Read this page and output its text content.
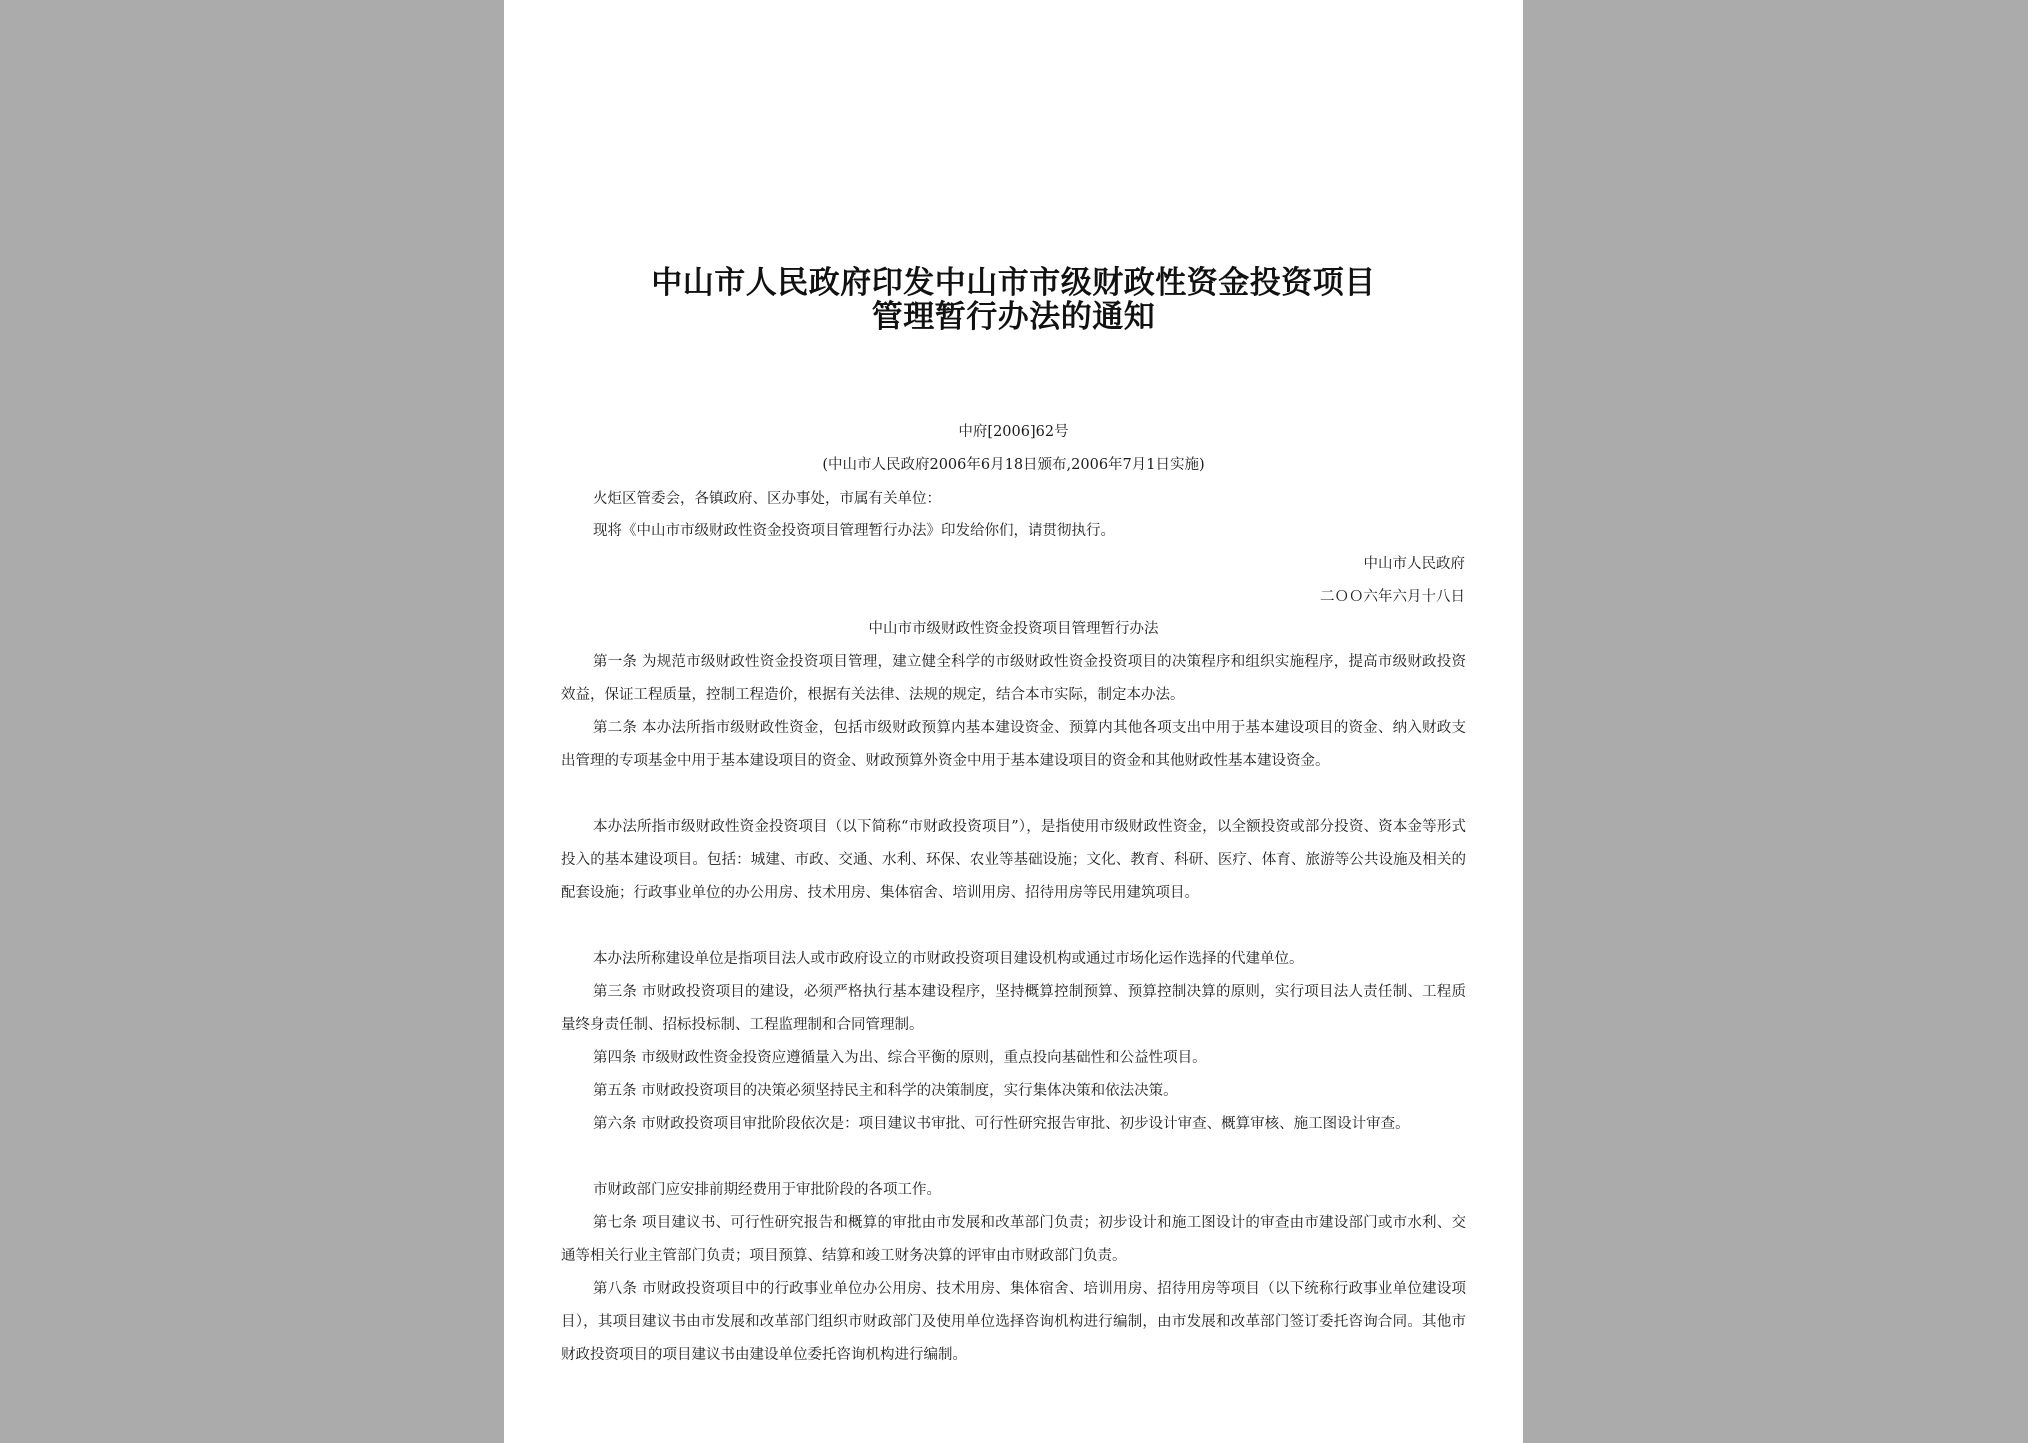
中山市人民政府印发中山市市级财政性资金投资项目
管理暂行办法的通知
中府[2006]62号
(中山市人民政府2006年6月18日颁布,2006年7月1日实施)

火炬区管委会，各镇政府、区办事处，市属有关单位：

现将《中山市市级财政性资金投资项目管理暂行办法》印发给你们，请贯彻执行。

中山市人民政府
二ＯＯ六年六月十八日
中山市市级财政性资金投资项目管理暂行办法

第一条 为规范市级财政性资金投资项目管理，建立健全科学的市级财政性资金投资项目的决策程序和组织实施程序，提高市级财政投资效益，保证工程质量，控制工程造价，根据有关法律、法规的规定，结合本市实际，制定本办法。

第二条 本办法所指市级财政性资金，包括市级财政预算内基本建设资金、预算内其他各项支出中用于基本建设项目的资金、纳入财政支出管理的专项基金中用于基本建设项目的资金、财政预算外资金中用于基本建设项目的资金和其他财政性基本建设资金。

本办法所指市级财政性资金投资项目（以下简称“市财政投资项目”），是指使用市级财政性资金，以全额投资或部分投资、资本金等形式投入的基本建设项目。包括：城建、市政、交通、水利、环保、农业等基础设施；文化、教育、科研、医疗、体育、旅游等公共设施及相关的配套设施；行政事业单位的办公用房、技术用房、集体宿舍、培训用房、招待用房等民用建筑项目。

本办法所称建设单位是指项目法人或市政府设立的市财政投资项目建设机构或通过市场化运作选择的代建单位。

第三条 市财政投资项目的建设，必须严格执行基本建设程序，坚持概算控制预算、预算控制决算的原则，实行项目法人责任制、工程质量终身责任制、招标投标制、工程监理制和合同管理制。

第四条 市级财政性资金投资应遵循量入为出、综合平衡的原则，重点投向基础性和公益性项目。

第五条 市财政投资项目的决策必须坚持民主和科学的决策制度，实行集体决策和依法决策。

第六条 市财政投资项目审批阶段依次是：项目建议书审批、可行性研究报告审批、初步设计审查、概算审核、施工图设计审查。

市财政部门应安排前期经费用于审批阶段的各项工作。

第七条 项目建议书、可行性研究报告和概算的审批由市发展和改革部门负责；初步设计和施工图设计的审查由市建设部门或市水利、交通等相关行业主管部门负责；项目预算、结算和竣工财务决算的评审由市财政部门负责。

第八条 市财政投资项目中的行政事业单位办公用房、技术用房、集体宿舍、培训用房、招待用房等项目（以下统称行政事业单位建设项目），其项目建议书由市发展和改革部门组织市财政部门及使用单位选择咨询机构进行编制，由市发展和改革部门签订委托咨询合同。其他市财政投资项目的项目建议书由建设单位委托咨询机构进行编制。
